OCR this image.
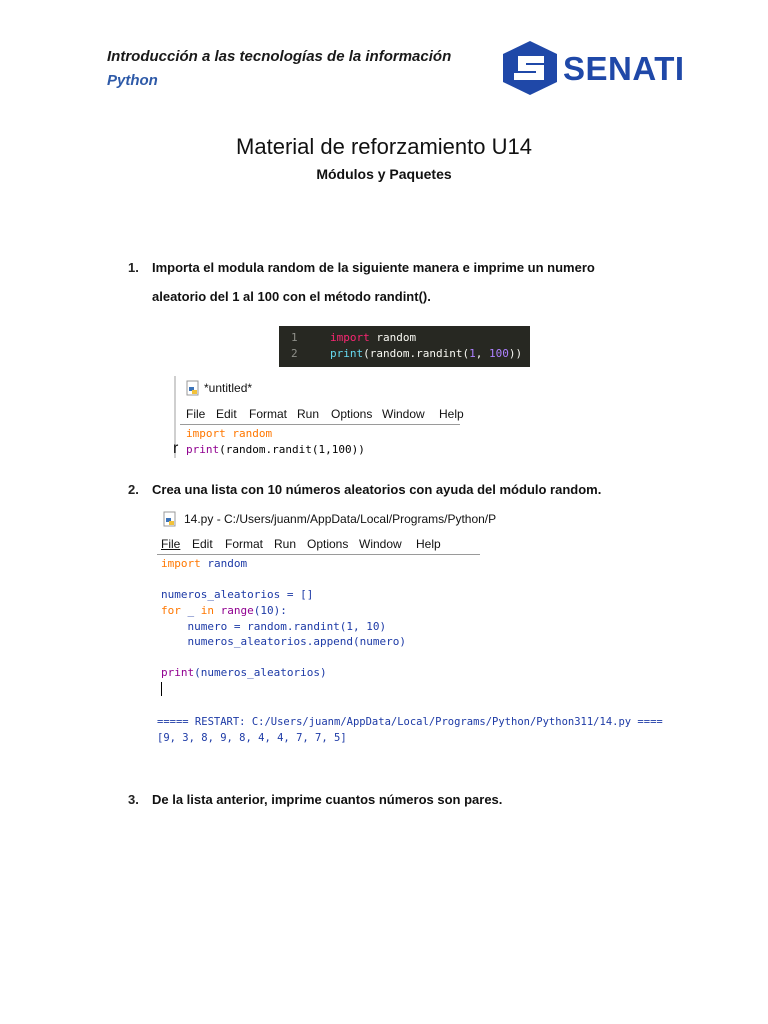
Introducción a las tecnologías de la información
Python	SENATI
Material de reforzamiento U14
Módulos y Paquetes
1. Importa el modula random de la siguiente manera e imprime un numero
aleatorio del 1 al 100 con el método randint().
1	import random
2	print(random.randint(1, 100))
*untitled*
File Edit Format Run Options Window Help
import random
print(random.randit(1,100))
r
2. Crea una lista con 10 números aleatorios con ayuda del módulo random.
14.py - C:/Users/juanm/AppData/Local/Programs/Python/P
File Edit Format Run Options Window Help
import random
numeros_aleatorios = []
for _ in range(10):
numero = random.randint(1, 10)
numeros_aleatorios.append(numero)
print(numeros_aleatorios)
===== RESTART: C:/Users/juanm/AppData/Local/Programs/Python/Python311/14.py ====
[9, 3, 8, 9, 8, 4, 4, 7, 7, 5]
3. De la lista anterior, imprime cuantos números son pares.
